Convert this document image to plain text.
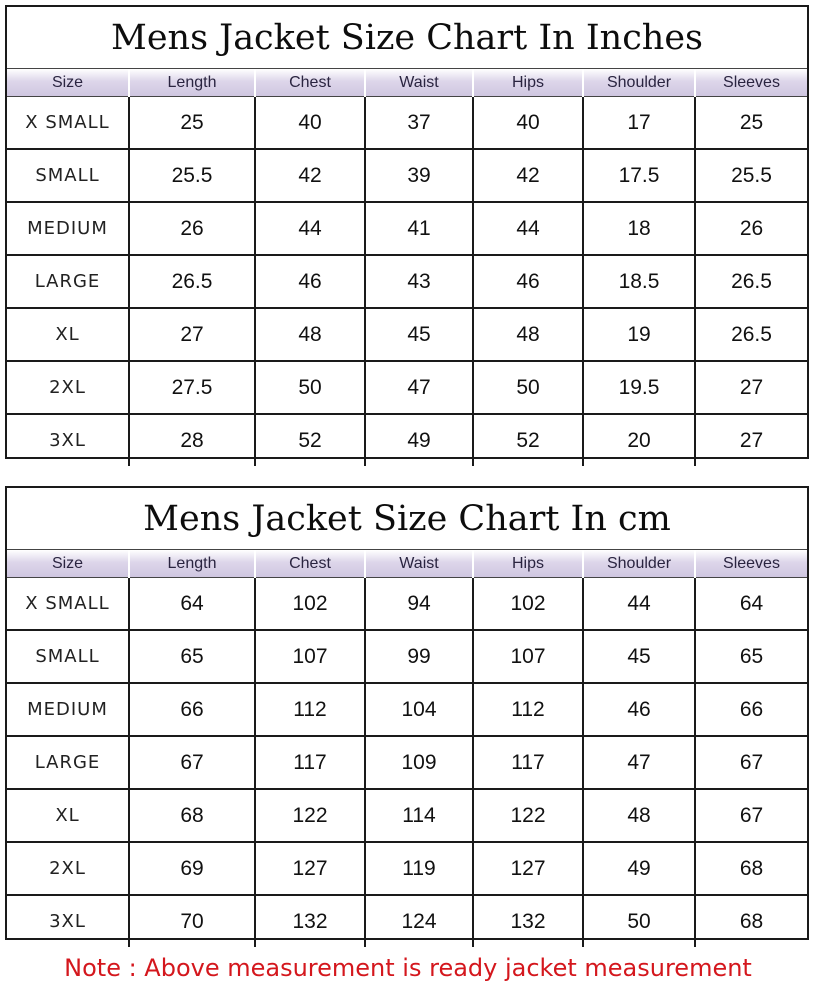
Mens Jacket Size Chart In Inches
Size	Length	Chest	Waist	Hips	Shoulder	Sleeves
X SMALL	25	40	37	40	17	25
SMALL	25.5	42	39	42	17.5	25.5
MEDIUM	26	44	41	44	18	26
LARGE	26.5	46	43	46	18.5	26.5
XL	27	48	45	48	19	26.5
2XL	27.5	50	47	50	19.5	27
3XL	28	52	49	52	20	27
Mens Jacket Size Chart In cm
Size	Length	Chest	Waist	Hips	Shoulder	Sleeves
X SMALL	64	102	94	102	44	64
SMALL	65	107	99	107	45	65
MEDIUM	66	112	104	112	46	66
LARGE	67	117	109	117	47	67
XL	68	122	114	122	48	67
2XL	69	127	119	127	49	68
3XL	70	132	124	132	50	68
Note : Above measurement is ready jacket measurement
